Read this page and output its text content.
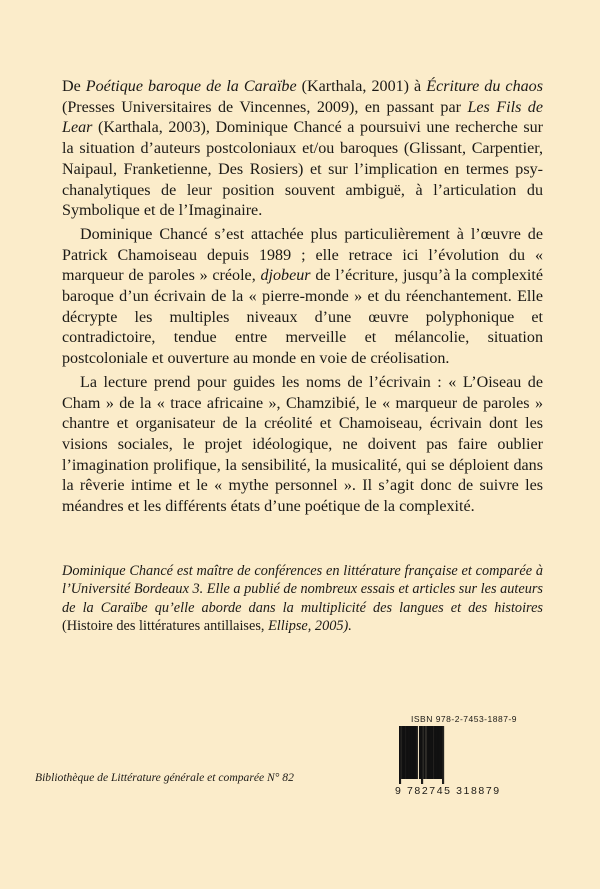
De Poétique baroque de la Caraïbe (Karthala, 2001) à Écriture du chaos (Presses Universitaires de Vincennes, 2009), en passant par Les Fils de Lear (Karthala, 2003), Dominique Chancé a poursuivi une recherche sur la situation d’auteurs postcoloniaux et/ou baroques (Glissant, Carpentier, Naipaul, Franketienne, Des Rosiers) et sur l’implication en termes psychanalytiques de leur position souvent ambiguë, à l’articulation du Symbolique et de l’Imaginaire.

Dominique Chancé s’est attachée plus particulièrement à l’œuvre de Patrick Chamoiseau depuis 1989 ; elle retrace ici l’évolution du « marqueur de paroles » créole, djobeur de l’écriture, jusqu’à la complexité baroque d’un écrivain de la « pierre-monde » et du réenchantement. Elle décrypte les multiples niveaux d’une œuvre polyphonique et contradictoire, tendue entre merveille et mélancolie, situation postcoloniale et ouverture au monde en voie de créolisation.

La lecture prend pour guides les noms de l’écrivain : « L’Oiseau de Cham » de la « trace africaine », Chamzibié, le « marqueur de paroles » chantre et organisateur de la créolité et Chamoiseau, écrivain dont les visions sociales, le projet idéologique, ne doivent pas faire oublier l’imagination prolifique, la sensibilité, la musicalité, qui se déploient dans la rêverie intime et le « mythe personnel ». Il s’agit donc de suivre les méandres et les différents états d’une poétique de la complexité.

Dominique Chancé est maître de conférences en littérature française et comparée à l’Université Bordeaux 3. Elle a publié de nombreux essais et articles sur les auteurs de la Caraïbe qu’elle aborde dans la multiplicité des langues et des histoires (Histoire des littératures antillaises, Ellipse, 2005).

ISBN 978-2-7453-1887-9
9 782745 318879
Bibliothèque de Littérature générale et comparée N° 82
